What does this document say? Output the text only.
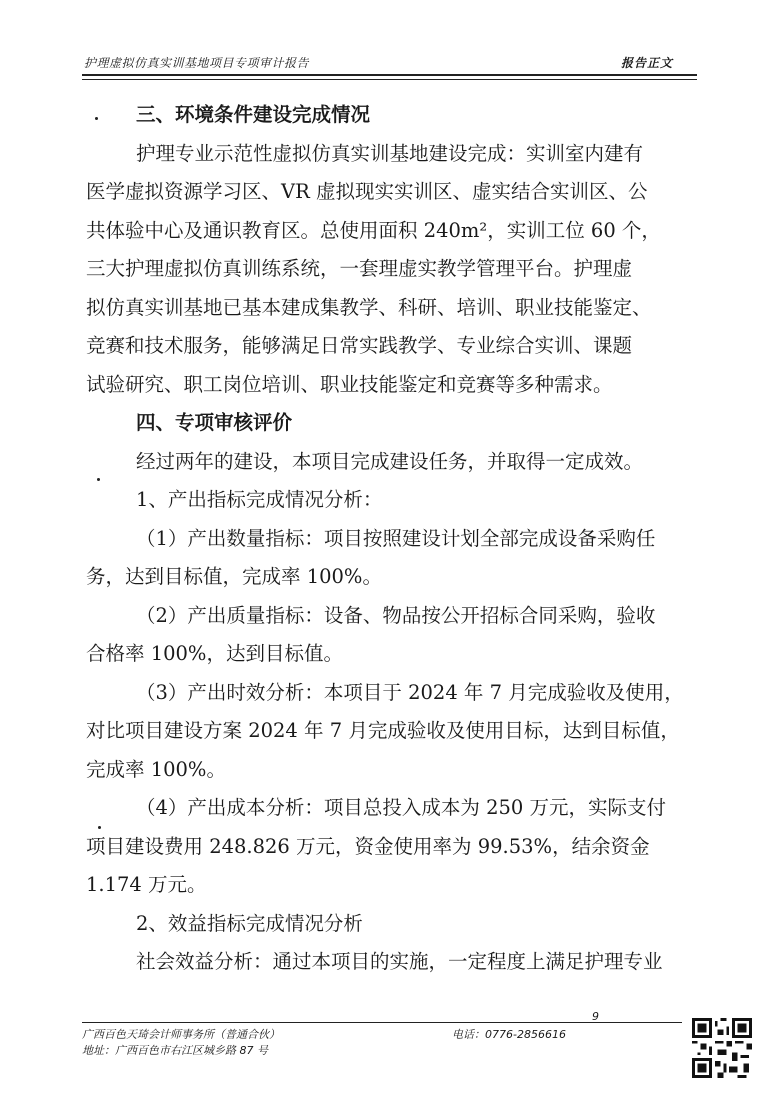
护理虚拟仿真实训基地项目专项审计报告	报告正文
三、环境条件建设完成情况
护理专业示范性虚拟仿真实训基地建设完成：实训室内建有
医学虚拟资源学习区、VR 虚拟现实实训区、虚实结合实训区、公
共体验中心及通识教育区。总使用面积 240m²，实训工位 60 个，
三大护理虚拟仿真训练系统，一套理虚实教学管理平台。护理虚
拟仿真实训基地已基本建成集教学、科研、培训、职业技能鉴定、
竞赛和技术服务，能够满足日常实践教学、专业综合实训、课题
试验研究、职工岗位培训、职业技能鉴定和竞赛等多种需求。
四、专项审核评价
经过两年的建设，本项目完成建设任务，并取得一定成效。
1、产出指标完成情况分析：
（1）产出数量指标：项目按照建设计划全部完成设备采购任
务，达到目标值，完成率 100%。
（2）产出质量指标：设备、物品按公开招标合同采购，验收
合格率 100%，达到目标值。
（3）产出时效分析：本项目于 2024 年 7 月完成验收及使用，
对比项目建设方案 2024 年 7 月完成验收及使用目标，达到目标值，
完成率 100%。
（4）产出成本分析：项目总投入成本为 250 万元，实际支付
项目建设费用 248.826 万元，资金使用率为 99.53%，结余资金
1.174 万元。
2、效益指标完成情况分析
社会效益分析：通过本项目的实施，一定程度上满足护理专业
9
广西百色天琦会计师事务所（普通合伙）
地址：广西百色市右江区城乡路 87 号
电话：0776-2856616
